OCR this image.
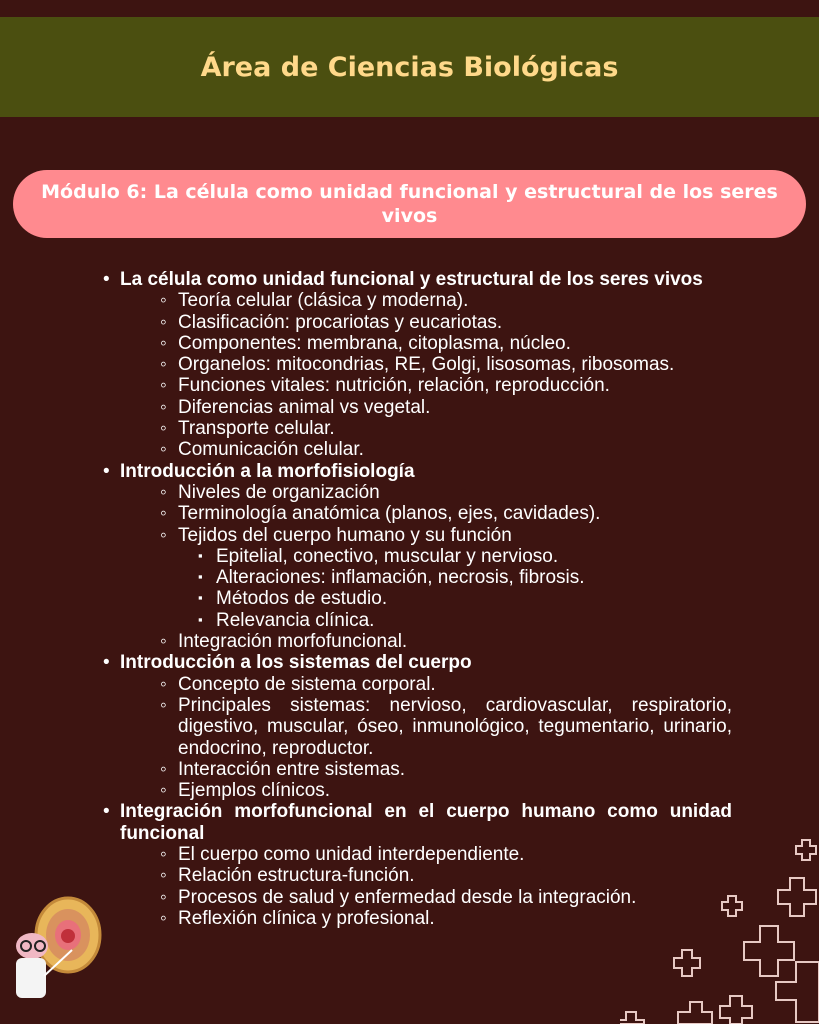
Área de Ciencias Biológicas
Módulo 6: La célula como unidad funcional y estructural de los seres vivos
• La célula como unidad funcional y estructural de los seres vivos
◦ Teoría celular (clásica y moderna).
◦ Clasificación: procariotas y eucariotas.
◦ Componentes: membrana, citoplasma, núcleo.
◦ Organelos: mitocondrias, RE, Golgi, lisosomas, ribosomas.
◦ Funciones vitales: nutrición, relación, reproducción.
◦ Diferencias animal vs vegetal.
◦ Transporte celular.
◦ Comunicación celular.
• Introducción a la morfofisiología
◦ Niveles de organización
◦ Terminología anatómica (planos, ejes, cavidades).
◦ Tejidos del cuerpo humano y su función
▪ Epitelial, conectivo, muscular y nervioso.
▪ Alteraciones: inflamación, necrosis, fibrosis.
▪ Métodos de estudio.
▪ Relevancia clínica.
◦ Integración morfofuncional.
• Introducción a los sistemas del cuerpo
◦ Concepto de sistema corporal.
◦ Principales sistemas: nervioso, cardiovascular, respiratorio, digestivo, muscular, óseo, inmunológico, tegumentario, urinario, endocrino, reproductor.
◦ Interacción entre sistemas.
◦ Ejemplos clínicos.
• Integración morfofuncional en el cuerpo humano como unidad funcional
◦ El cuerpo como unidad interdependiente.
◦ Relación estructura-función.
◦ Procesos de salud y enfermedad desde la integración.
◦ Reflexión clínica y profesional.
